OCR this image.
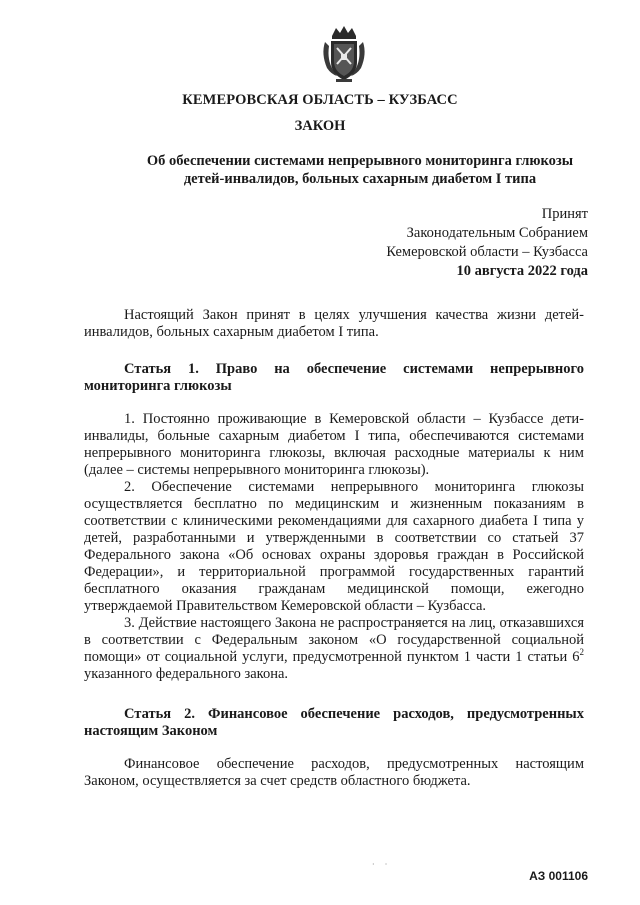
КЕМЕРОВСКАЯ ОБЛАСТЬ – КУЗБАСС
ЗАКОН
Об обеспечении системами непрерывного мониторинга глюкозы
детей-инвалидов, больных сахарным диабетом I типа
Принят
Законодательным Собранием
Кемеровской области – Кузбасса
10 августа 2022 года

Настоящий Закон принят в целях улучшения качества жизни детей-инвалидов, больных сахарным диабетом I типа.

Статья 1. Право на обеспечение системами непрерывного мониторинга глюкозы

1. Постоянно проживающие в Кемеровской области – Кузбассе дети-инвалиды, больные сахарным диабетом I типа, обеспечиваются системами непрерывного мониторинга глюкозы, включая расходные материалы к ним (далее – системы непрерывного мониторинга глюкозы).

2. Обеспечение системами непрерывного мониторинга глюкозы осуществляется бесплатно по медицинским и жизненным показаниям в соответствии с клиническими рекомендациями для сахарного диабета I типа у детей, разработанными и утвержденными в соответствии со статьей 37 Федерального закона «Об основах охраны здоровья граждан в Российской Федерации», и территориальной программой государственных гарантий бесплатного оказания гражданам медицинской помощи, ежегодно утверждаемой Правительством Кемеровской области – Кузбасса.

3. Действие настоящего Закона не распространяется на лиц, отказавшихся в соответствии с Федеральным законом «О государственной социальной помощи» от социальной услуги, предусмотренной пунктом 1 части 1 статьи $6^2$ указанного федерального закона.

Статья 2. Финансовое обеспечение расходов, предусмотренных настоящим Законом

Финансовое обеспечение расходов, предусмотренных настоящим Законом, осуществляется за счет средств областного бюджета.

·    ·
АЗ 001106
